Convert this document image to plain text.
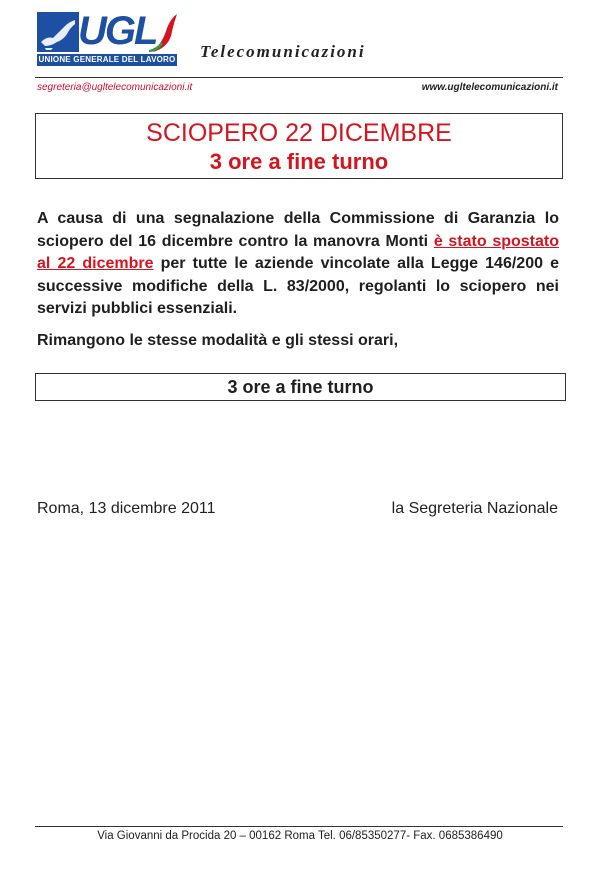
UGL
UNIONE GENERALE DEL LAVORO Telecomunicazioni
segreteria@ugltelecomunicazioni.it	www.ugltelecomunicazioni.it
SCIOPERO 22 DICEMBRE
3 ore a fine turno

A causa di una segnalazione della Commissione di Garanzia lo sciopero del 16 dicembre contro la manovra Monti è stato spostato al 22 dicembre per tutte le aziende vincolate alla Legge 146/200 e successive modifiche della L. 83/2000, regolanti lo sciopero nei servizi pubblici essenziali.

Rimangono le stesse modalità e gli stessi orari,

3 ore a fine turno
Roma, 13 dicembre 2011	la Segreteria Nazionale
Via Giovanni da Procida 20 – 00162 Roma Tel. 06/85350277- Fax. 0685386490
